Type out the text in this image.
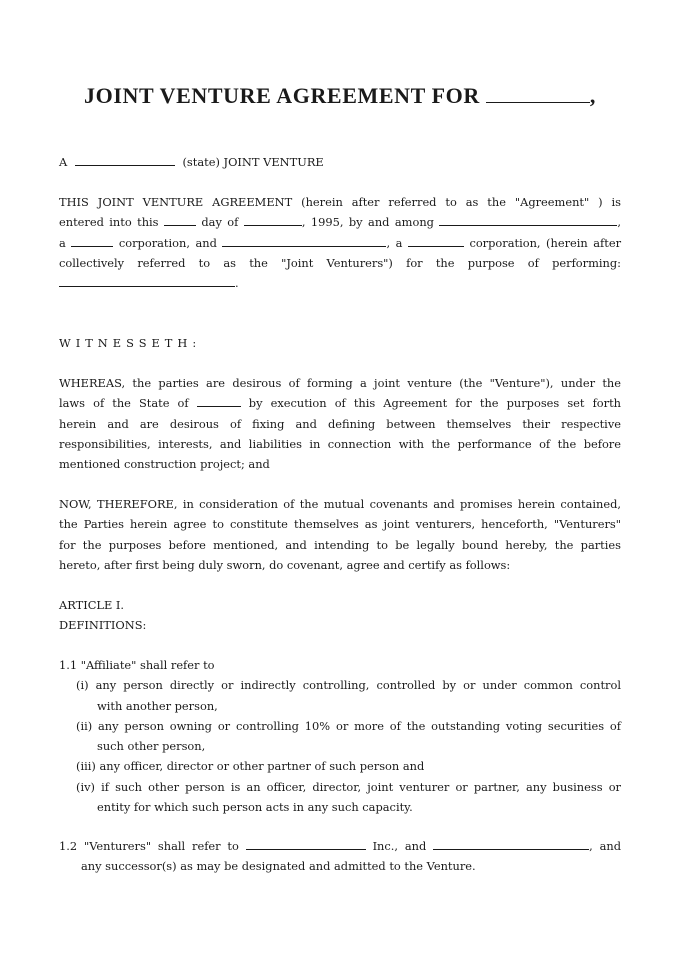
JOINT VENTURE AGREEMENT FOR	,
A	(state) JOINT VENTURE
THIS JOINT VENTURE AGREEMENT (herein after referred to as the "Agreement" ) is
entered into this	day of	, 1995, by and among	,
a	corporation, and	, a	corporation, (herein after
collectively referred to as the "Joint Venturers") for the purpose of performing:
.
WITNESSETH:
WHEREAS, the parties are desirous of forming a joint venture (the "Venture"), under the
laws of the State of	by execution of this Agreement for the purposes set forth
herein and are desirous of fixing and defining between themselves their respective
responsibilities, interests, and liabilities in connection with the performance of the before
mentioned construction project; and
NOW, THEREFORE, in consideration of the mutual covenants and promises herein contained,
the Parties herein agree to constitute themselves as joint venturers, henceforth, "Venturers"
for the purposes before mentioned, and intending to be legally bound hereby, the parties
hereto, after first being duly sworn, do covenant, agree and certify as follows:
ARTICLE I.
DEFINITIONS:
1.1 "Affiliate" shall refer to
(i) any person directly or indirectly controlling, controlled by or under common control
with another person,
(ii) any person owning or controlling 10% or more of the outstanding voting securities of
such other person,
(iii) any officer, director or other partner of such person and
(iv) if such other person is an officer, director, joint venturer or partner, any business or
entity for which such person acts in any such capacity.
1.2 "Venturers" shall refer to	Inc., and	, and
any successor(s) as may be designated and admitted to the Venture.
